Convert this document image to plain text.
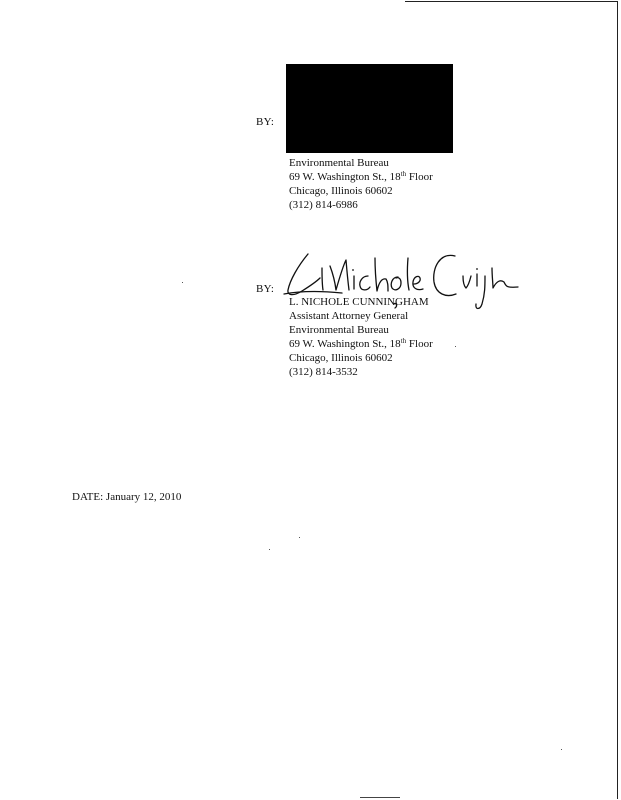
BY:
Environmental Bureau
69 W. Washington St., 18th Floor
Chicago, Illinois 60602
(312) 814-6986
BY:
L. NICHOLE CUNNINGHAM
Assistant Attorney General
Environmental Bureau
69 W. Washington St., 18th Floor
Chicago, Illinois 60602
(312) 814-3532
DATE: January 12, 2010
